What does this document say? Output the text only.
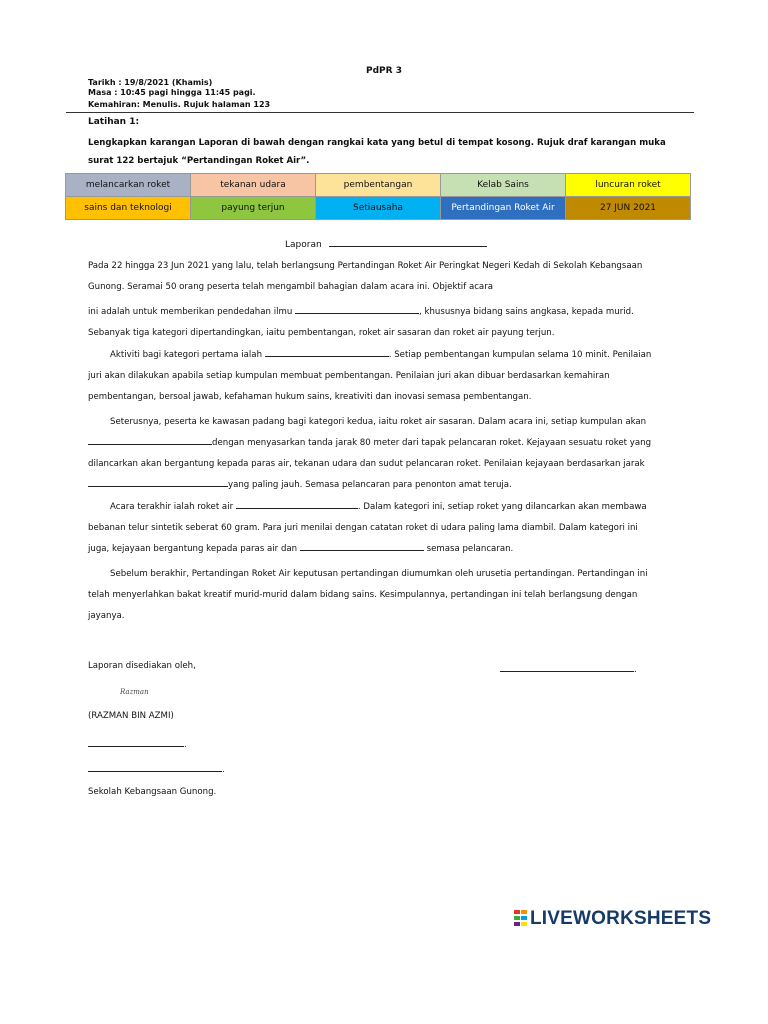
PdPR 3
Tarikh : 19/8/2021 (Khamis)
Masa : 10:45 pagi hingga 11:45 pagi.
Kemahiran: Menulis. Rujuk halaman 123
Latihan 1:
Lengkapkan karangan Laporan di bawah dengan rangkai kata yang betul di tempat kosong. Rujuk draf karangan muka
surat 122 bertajuk “Pertandingan Roket Air”.
melancarkan roket	tekanan udara	pembentangan	Kelab Sains	luncuran roket
sains dan teknologi	payung terjun	Setiausaha	Pertandingan Roket Air	27 JUN 2021
Laporan

Pada 22 hingga 23 Jun 2021 yang lalu, telah berlangsung Pertandingan Roket Air Peringkat Negeri Kedah di Sekolah Kebangsaan

Gunong. Seramai 50 orang peserta telah mengambil bahagian dalam acara ini. Objektif acara

ini adalah untuk memberikan pendedahan ilmu	, khususnya bidang sains angkasa, kepada murid.

Sebanyak tiga kategori dipertandingkan, iaitu pembentangan, roket air sasaran dan roket air payung terjun.

Aktiviti bagi kategori pertama ialah	. Setiap pembentangan kumpulan selama 10 minit. Penilaian

juri akan dilakukan apabila setiap kumpulan membuat pembentangan. Penilaian juri akan dibuar berdasarkan kemahiran

pembentangan, bersoal jawab, kefahaman hukum sains, kreativiti dan inovasi semasa pembentangan.

Seterusnya, peserta ke kawasan padang bagi kategori kedua, iaitu roket air sasaran. Dalam acara ini, setiap kumpulan akan

dengan menyasarkan tanda jarak 80 meter dari tapak pelancaran roket. Kejayaan sesuatu roket yang

dilancarkan akan bergantung kepada paras air, tekanan udara dan sudut pelancaran roket. Penilaian kejayaan berdasarkan jarak

yang paling jauh. Semasa pelancaran para penonton amat teruja.

Acara terakhir ialah roket air	. Dalam kategori ini, setiap roket yang dilancarkan akan membawa

bebanan telur sintetik seberat 60 gram. Para juri menilai dengan catatan roket di udara paling lama diambil. Dalam kategori ini

juga, kejayaan bergantung kepada paras air dan	semasa pelancaran.

Sebelum berakhir, Pertandingan Roket Air keputusan pertandingan diumumkan oleh urusetia pertandingan. Pertandingan ini

telah menyerlahkan bakat kreatif murid-murid dalam bidang sains. Kesimpulannya, pertandingan ini telah berlangsung dengan

jayanya.

Laporan disediakan oleh,	.
Razman
(RAZMAN BIN AZMI)
.
.
Sekolah Kebangsaan Gunong.
LIVEWORKSHEETS
